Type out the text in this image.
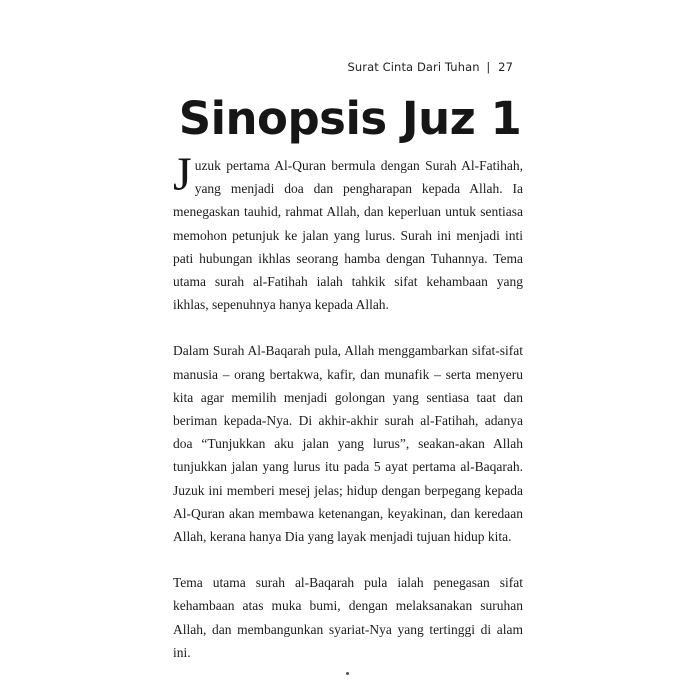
Surat Cinta Dari Tuhan | 27
Sinopsis Juz 1

Juzuk pertama Al-Quran bermula dengan Surah Al-Fatihah, yang menjadi doa dan pengharapan kepada Allah. Ia menegaskan tauhid, rahmat Allah, dan keperluan untuk sentiasa memohon petunjuk ke jalan yang lurus. Surah ini menjadi inti pati hubungan ikhlas seorang hamba dengan Tuhannya. Tema utama surah al-Fatihah ialah tahkik sifat kehambaan yang ikhlas, sepenuhnya hanya kepada Allah.

Dalam Surah Al-Baqarah pula, Allah menggambarkan sifat-sifat manusia – orang bertakwa, kafir, dan munafik – serta menyeru kita agar memilih menjadi golongan yang sentiasa taat dan beriman kepada-Nya. Di akhir-akhir surah al-Fatihah, adanya doa “Tunjukkan aku jalan yang lurus”, seakan-akan Allah tunjukkan jalan yang lurus itu pada 5 ayat pertama al-Baqarah. Juzuk ini memberi mesej jelas; hidup dengan berpegang kepada Al-Quran akan membawa ketenangan, keyakinan, dan keredaan Allah, kerana hanya Dia yang layak menjadi tujuan hidup kita.

Tema utama surah al-Baqarah pula ialah penegasan sifat kehambaan atas muka bumi, dengan melaksanakan suruhan Allah, dan membangunkan syariat-Nya yang tertinggi di alam ini.
